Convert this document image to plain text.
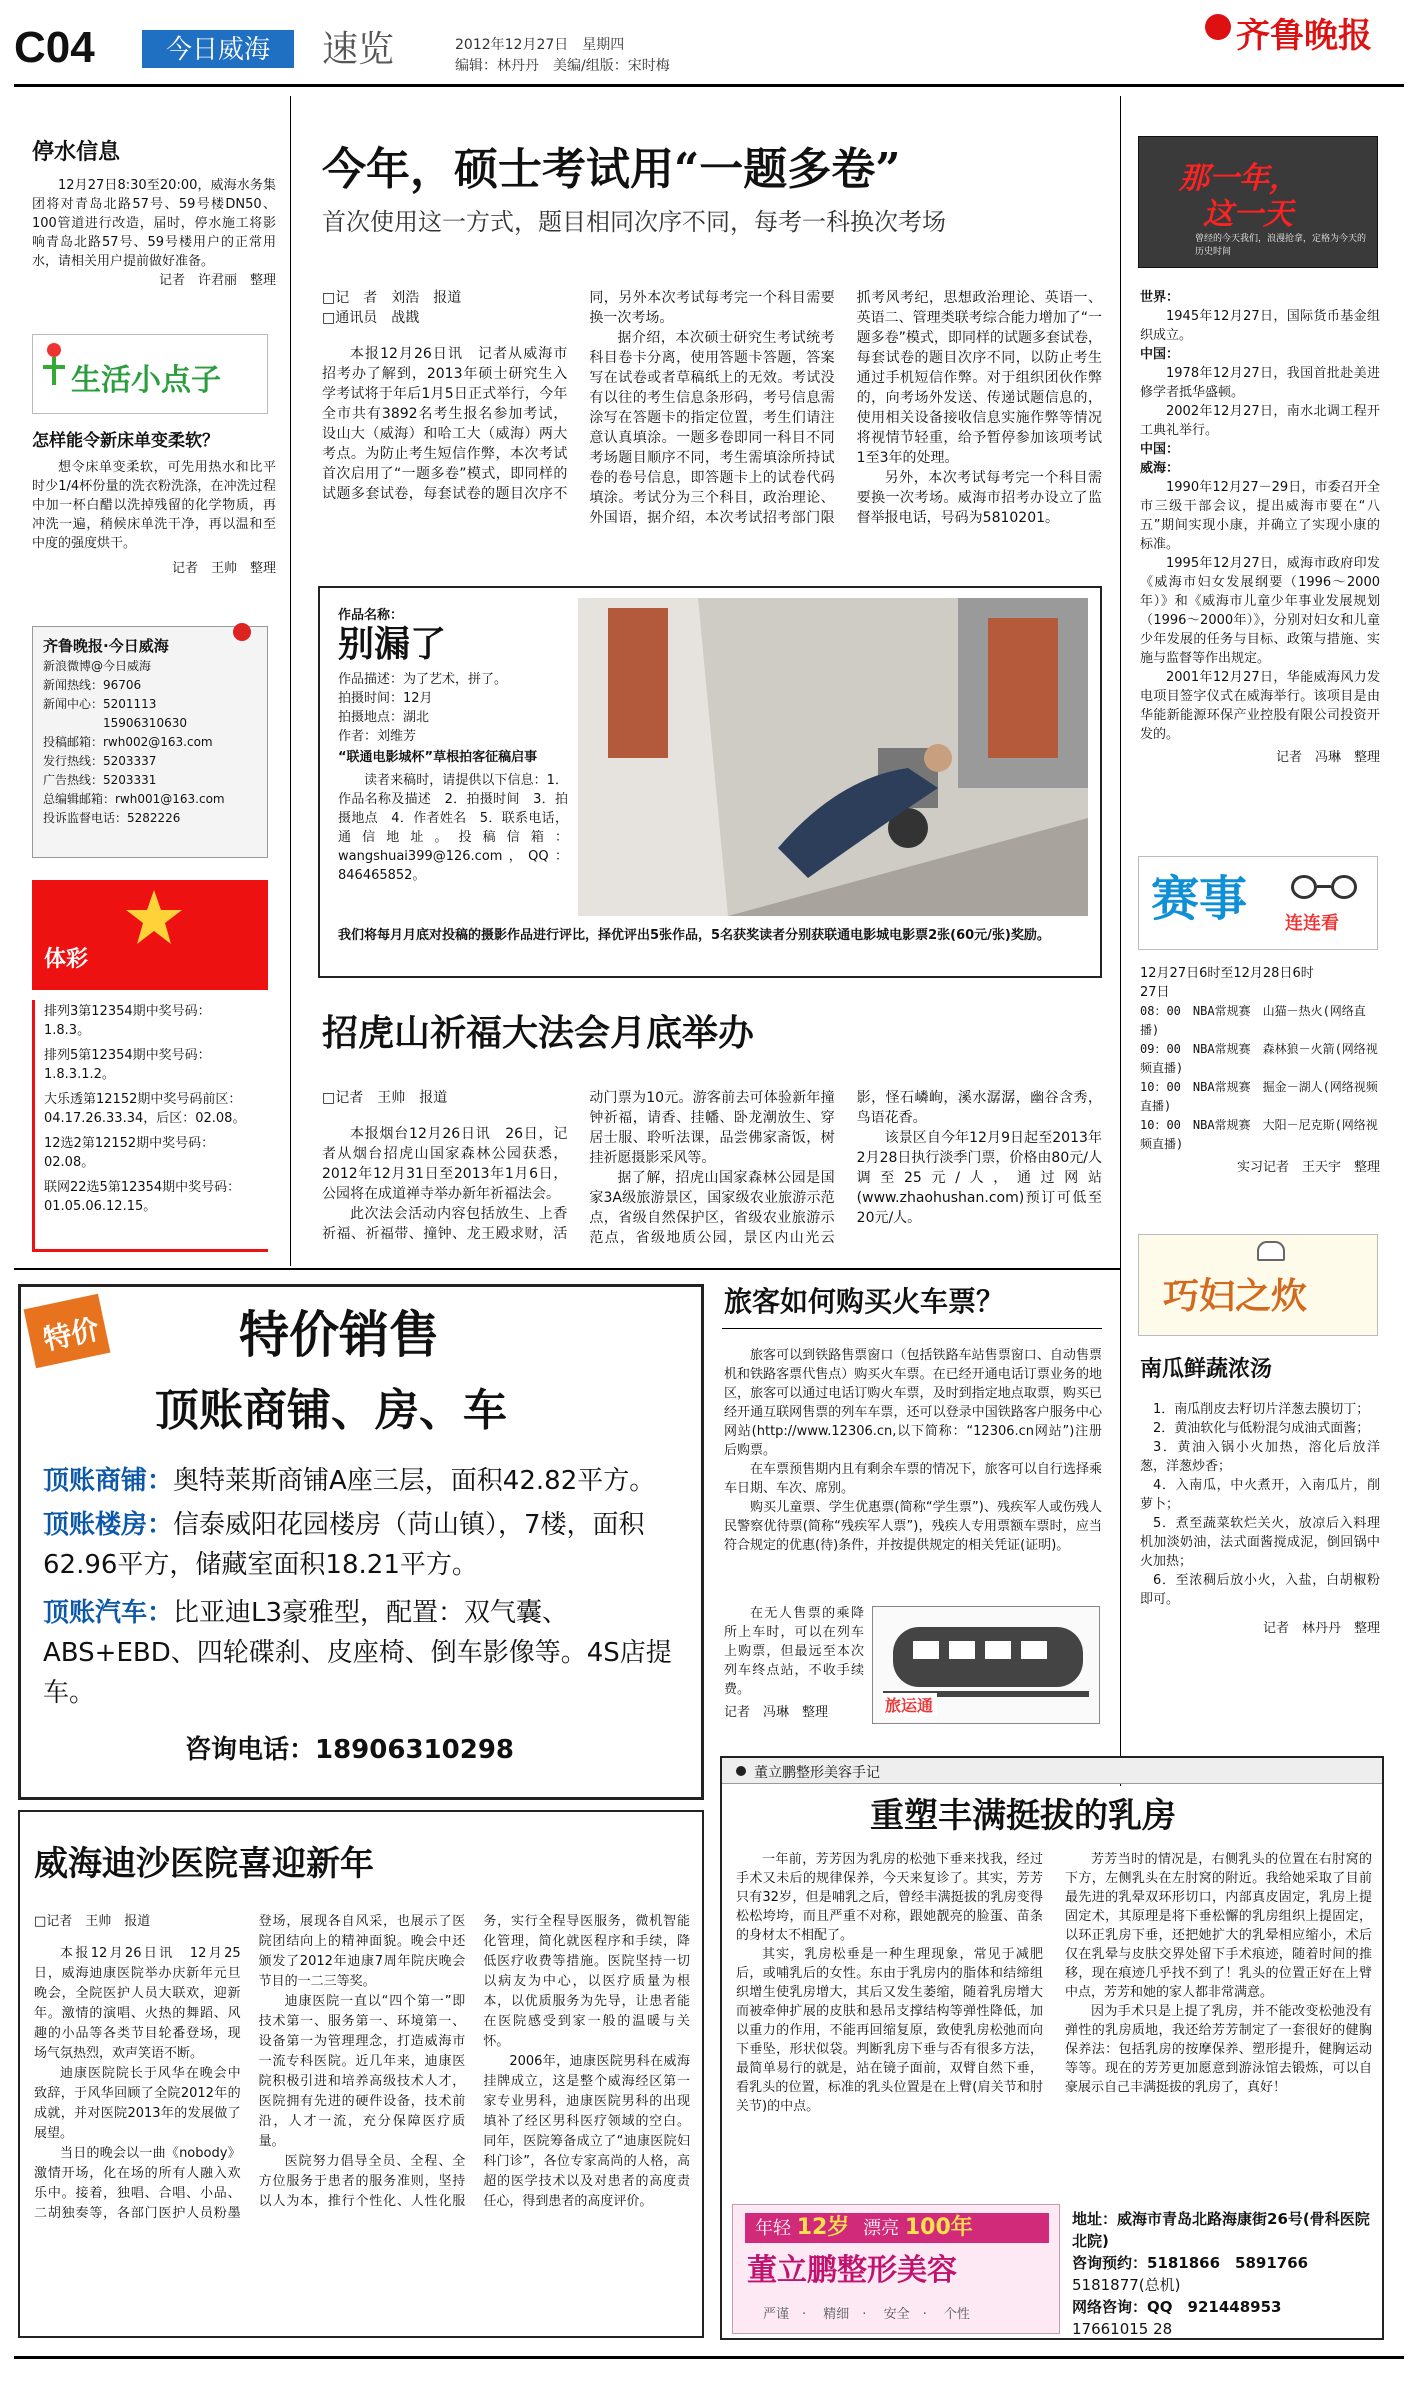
C04	今日威海 速览	2012年12月27日　星期四
编辑：林丹丹　美编/组版：宋时梅
齐鲁晚报
停水信息
12月27日8:30至20:00，威海水务集团将对青岛北路57号、59号楼DN50、100管道进行改造，届时，停水施工将影响青岛北路57号、59号楼用户的正常用水，请相关用户提前做好准备。
记者　许君丽　整理
生活小点子
怎样能令新床单变柔软？
想令床单变柔软，可先用热水和比平时少1/4杯份量的洗衣粉洗涤，在冲洗过程中加一杯白醋以洗掉残留的化学物质，再冲洗一遍，稍候床单洗干净，再以温和至中度的强度烘干。
记者　王帅　整理
齐鲁晚报·今日威海
新浪微博@今日威海
新闻热线：96706
新闻中心：5201113
15906310630
投稿邮箱：rwh002@163.com
发行热线：5203337
广告热线：5203331
总编辑邮箱：rwh001@163.com
投诉监督电话：5282226
体彩

排列3第12354期中奖号码：1.8.3。

排列5第12354期中奖号码：1.8.3.1.2。

大乐透第12152期中奖号码前区：04.17.26.33.34，后区：02.08。

12选2第12152期中奖号码：02.08。

联网22选5第12354期中奖号码：01.05.06.12.15。

今年，硕士考试用“一题多卷”
首次使用这一方式，题目相同次序不同，每考一科换次考场
□记　者　刘浩　报道
□通讯员　战戡

本报12月26日讯　记者从威海市招考办了解到，2013年硕士研究生入学考试将于年后1月5日正式举行，今年全市共有3892名考生报名参加考试，设山大（威海）和哈工大（威海）两大考点。为防止考生短信作弊，本次考试首次启用了“一题多卷”模式，即同样的试题多套试卷，每套试卷的题目次序不同，另外本次考试每考完一个科目需要换一次考场。

据介绍，本次硕士研究生考试统考科目卷卡分离，使用答题卡答题，答案写在试卷或者草稿纸上的无效。考试没有以往的考生信息条形码，考号信息需涂写在答题卡的指定位置，考生们请注意认真填涂。一题多卷即同一科目不同考场题目顺序不同，考生需填涂所持试卷的卷号信息，即答题卡上的试卷代码填涂。考试分为三个科目，政治理论、外国语，据介绍，本次考试招考部门限抓考风考纪，思想政治理论、英语一、英语二、管理类联考综合能力增加了“一题多卷”模式，即同样的试题多套试卷，每套试卷的题目次序不同，以防止考生通过手机短信作弊。对于组织团伙作弊的，向考场外发送、传递试题信息的，使用相关设备接收信息实施作弊等情况将视情节轻重，给予暂停参加该项考试1至3年的处理。

另外，本次考试每考完一个科目需要换一次考场。威海市招考办设立了监督举报电话，号码为5810201。

那一年，
这一天
曾经的今天我们，浪漫抢拿，定格为今天的历史时间
世界：

1945年12月27日，国际货币基金组织成立。

中国：

1978年12月27日，我国首批赴美进修学者抵华盛顿。

2002年12月27日，南水北调工程开工典礼举行。

中国：
威海：

1990年12月27－29日，市委召开全市三级干部会议，提出威海市要在“八五”期间实现小康，并确立了实现小康的标准。

1995年12月27日，威海市政府印发《威海市妇女发展纲要（1996～2000年）》和《威海市儿童少年事业发展规划（1996～2000年）》，分别对妇女和儿童少年发展的任务与目标、政策与措施、实施与监督等作出规定。

2001年12月27日，华能威海风力发电项目签字仪式在威海举行。该项目是由华能新能源环保产业控股有限公司投资开发的。

记者　冯琳　整理
作品名称：
别漏了
作品描述：为了艺术，拼了。
拍摄时间：12月
拍摄地点：湖北
作者：刘维芳
“联通电影城杯”草根拍客征稿启事
读者来稿时，请提供以下信息：1．作品名称及描述　2．拍摄时间　3．拍摄地点　4．作者姓名　5．联系电话，通信地址。投稿信箱：wangshuai399@126.com，QQ：846465852。
我们将每月月底对投稿的摄影作品进行评比，择优评出5张作品，5名获奖读者分别获联通电影城电影票2张(60元/张)奖励。
赛事 连连看
12月27日6时至12月28日6时
27日
08：00　NBA常规赛　山猫－热火(网络直播)
09：00　NBA常规赛　森林狼－火箭(网络视频直播)
10：00　NBA常规赛　掘金－湖人(网络视频直播)
10：00　NBA常规赛　大阳－尼克斯(网络视频直播)
实习记者　王天宇　整理
招虎山祈福大法会月底举办
□记者　王帅　报道

本报烟台12月26日讯　26日，记者从烟台招虎山国家森林公园获悉，2012年12月31日至2013年1月6日，公园将在成道禅寺举办新年祈福法会。

此次法会活动内容包括放生、上香祈福、祈福带、撞钟、龙王殿求财，活动门票为10元。游客前去可体验新年撞钟祈福，请香、挂幡、卧龙潮放生、穿居士服、聆听法课，品尝佛家斋饭，树挂祈愿摄影采风等。

据了解，招虎山国家森林公园是国家3A级旅游景区，国家级农业旅游示范点，省级自然保护区，省级农业旅游示范点，省级地质公园，景区内山光云影，怪石嶙峋，溪水潺潺，幽谷含秀，鸟语花香。

该景区自今年12月9日起至2013年2月28日执行淡季门票，价格由80元/人调至25元/人，通过网站(www.zhaohushan.com)预订可低至20元/人。

特价	特价销售
顶账商铺、房、车
顶账商铺：奥特莱斯商铺A座三层，面积42.82平方。
顶账楼房：信泰威阳花园楼房（苘山镇），7楼，面积62.96平方，储藏室面积18.21平方。
顶账汽车：比亚迪L3豪雅型，配置：双气囊、ABS+EBD、四轮碟刹、皮座椅、倒车影像等。4S店提车。
咨询电话：18906310298
旅客如何购买火车票？

旅客可以到铁路售票窗口（包括铁路车站售票窗口、自动售票机和铁路客票代售点）购买火车票。在已经开通电话订票业务的地区，旅客可以通过电话订购火车票，及时到指定地点取票，购买已经开通互联网售票的列车车票，还可以登录中国铁路客户服务中心网站(http://www.12306.cn,以下简称：“12306.cn网站”)注册后购票。

在车票预售期内且有剩余车票的情况下，旅客可以自行选择乘车日期、车次、席别。

购买儿童票、学生优惠票(简称“学生票”)、残疾军人或伤残人民警察优待票(简称“残疾军人票”)，残疾人专用票额车票时，应当符合规定的优惠(待)条件，并按提供规定的相关凭证(证明)。

在无人售票的乘降所上车时，可以在列车上购票，但最远至本次列车终点站，不收手续费。

记者　冯琳　整理	旅运通
巧妇之炊
南瓜鲜蔬浓汤

1．南瓜削皮去籽切片洋葱去膜切丁；

2．黄油软化与低粉混匀成油式面酱；

3．黄油入锅小火加热，溶化后放洋葱，洋葱炒香；

4．入南瓜，中火煮开，入南瓜片，削萝卜；

5．煮至蔬菜软烂关火，放凉后入料理机加淡奶油，法式面酱搅成泥，倒回锅中火加热；

6．至浓稠后放小火，入盐，白胡椒粉即可。

记者　林丹丹　整理
威海迪沙医院喜迎新年
□记者　王帅　报道

本报12月26日讯　12月25日，威海迪康医院举办庆新年元旦晚会，全院医护人员大联欢，迎新年。激情的演唱、火热的舞蹈、风趣的小品等各类节目轮番登场，现场气氛热烈，欢声笑语不断。

迪康医院院长于风华在晚会中致辞，于风华回顾了全院2012年的成就，并对医院2013年的发展做了展望。

当日的晚会以一曲《nobody》激情开场，化在场的所有人融入欢乐中。接着，独唱、合唱、小品、二胡独奏等，各部门医护人员粉墨登场，展现各自风采，也展示了医院团结向上的精神面貌。晚会中还颁发了2012年迪康7周年院庆晚会节目的一二三等奖。

迪康医院一直以“四个第一”即技术第一、服务第一、环境第一、设备第一为管理理念，打造威海市一流专科医院。近几年来，迪康医院积极引进和培养高级技术人才，医院拥有先进的硬件设备，技术前沿，人才一流，充分保障医疗质量。

医院努力倡导全员、全程、全方位服务于患者的服务准则，坚持以人为本，推行个性化、人性化服务，实行全程导医服务，微机智能化管理，简化就医程序和手续，降低医疗收费等措施。医院坚持一切以病友为中心，以医疗质量为根本，以优质服务为先导，让患者能在医院感受到家一般的温暖与关怀。

2006年，迪康医院男科在威海挂牌成立，这是整个威海经区第一家专业男科，迪康医院男科的出现填补了经区男科医疗领域的空白。同年，医院筹备成立了“迪康医院妇科门诊”，各位专家高尚的人格，高超的医学技术以及对患者的高度责任心，得到患者的高度评价。

董立鹏整形美容手记
重塑丰满挺拔的乳房

一年前，芳芳因为乳房的松弛下垂来找我，经过手术又未后的规律保养，今天来复诊了。其实，芳芳只有32岁，但是哺乳之后，曾经丰满挺拔的乳房变得松松垮垮，而且严重不对称，跟她靓亮的脸蛋、苗条的身材太不相配了。

其实，乳房松垂是一种生理现象，常见于减肥后，或哺乳后的女性。东由于乳房内的脂体和结缔组织增生使乳房增大，其后又发生萎缩，随着乳房增大而被牵伸扩展的皮肤和悬吊支撑结构等弹性降低，加以重力的作用，不能再回缩复原，致使乳房松弛而向下垂坠，形状似袋。判断乳房下垂与否有很多方法，最简单易行的就是，站在镜子面前，双臂自然下垂，看乳头的位置，标准的乳头位置是在上臂(肩关节和肘关节)的中点。

芳芳当时的情况是，右侧乳头的位置在右肘窝的下方，左侧乳头在左肘窝的附近。我给她采取了目前最先进的乳晕双环形切口，内部真皮固定，乳房上提固定术，其原理是将下垂松懈的乳房组织上提固定，以环正乳房下垂，还把她扩大的乳晕相应缩小，术后仅在乳晕与皮肤交界处留下手术痕迹，随着时间的推移，现在痕迹几乎找不到了！乳头的位置正好在上臂中点，芳芳和她的家人都非常满意。

因为手术只是上提了乳房，并不能改变松弛没有弹性的乳房质地，我还给芳芳制定了一套很好的健胸保养法：包括乳房的按摩保养、塑形提升，健胸运动等等。现在的芳芳更加愿意到游泳馆去锻炼，可以自豪展示自己丰满挺拔的乳房了，真好！

年轻 12岁 漂亮 100年
董立鹏整形美容
严谨　·　 精细　·　 安全　·　 个性
地址：威海市青岛北路海康街26号(骨科医院北院)
咨询预约：5181866　5891766
5181877(总机)
网络咨询：QQ　921448953
17661015 28
